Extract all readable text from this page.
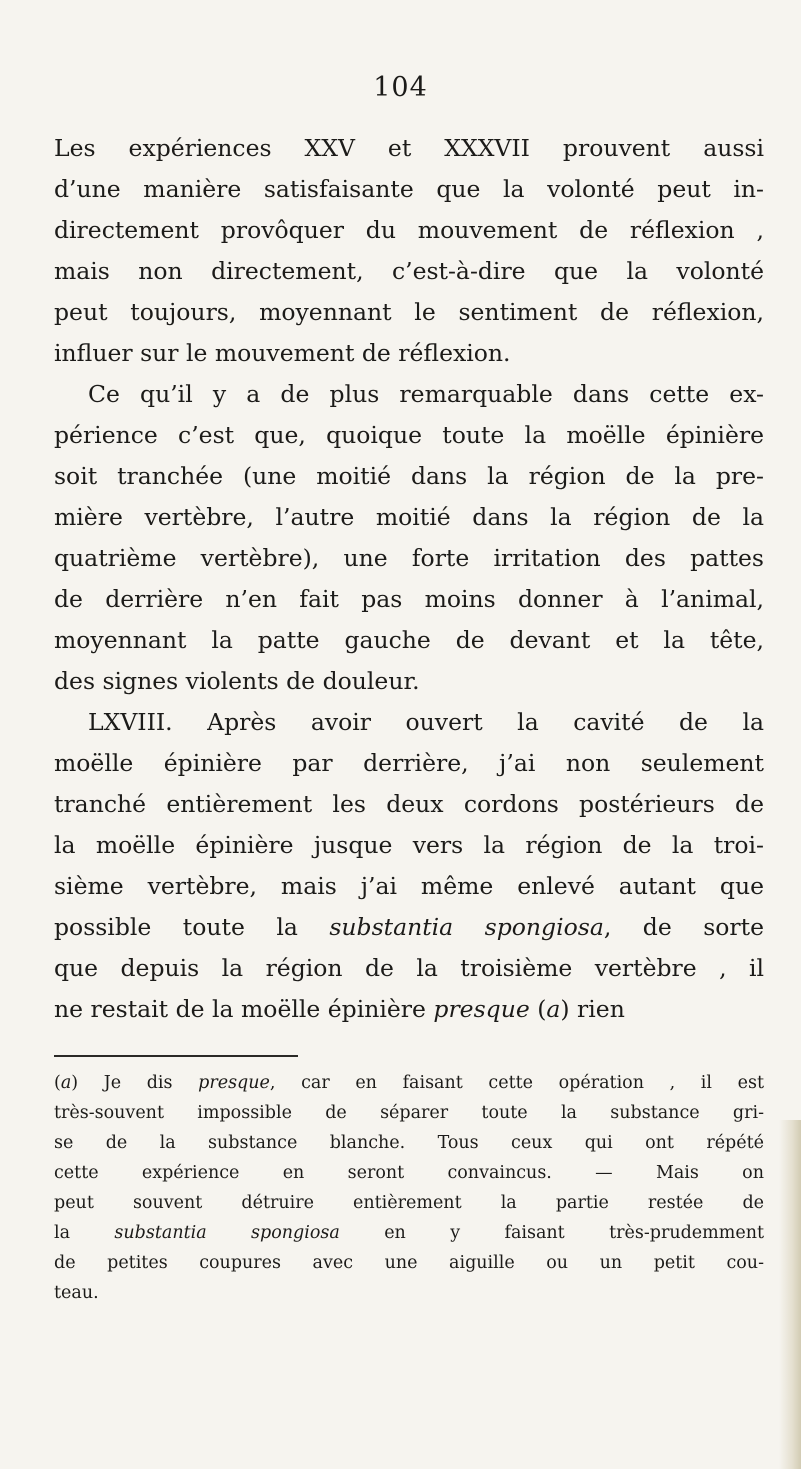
104
Les expériences XXV et XXXVII prouvent aussi
d’une manière satisfaisante que la volonté peut in-
directement provôquer du mouvement de réflexion ,
mais non directement, c’est-à-dire que la volonté
peut toujours, moyennant le sentiment de réflexion,
influer sur le mouvement de réflexion.
Ce qu’il y a de plus remarquable dans cette ex-
périence c’est que, quoique toute la moëlle épinière
soit tranchée (une moitié dans la région de la pre-
mière vertèbre, l’autre moitié dans la région de la
quatrième vertèbre), une forte irritation des pattes
de derrière n’en fait pas moins donner à l’animal,
moyennant la patte gauche de devant et la tête,
des signes violents de douleur.
LXVIII. Après avoir ouvert la cavité de la
moëlle épinière par derrière, j’ai non seulement
tranché entièrement les deux cordons postérieurs de
la moëlle épinière jusque vers la région de la troi-
sième vertèbre, mais j’ai même enlevé autant que
possible toute la substantia spongiosa, de sorte
que depuis la région de la troisième vertèbre , il
ne restait de la moëlle épinière presque (a) rien
(a) Je dis presque, car en faisant cette opération , il est
très-souvent impossible de séparer toute la substance gri-
se de la substance blanche. Tous ceux qui ont répété
cette expérience en seront convaincus. — Mais on
peut souvent détruire entièrement la partie restée de
la substantia spongiosa en y faisant très-prudemment
de petites coupures avec une aiguille ou un petit cou-
teau.
